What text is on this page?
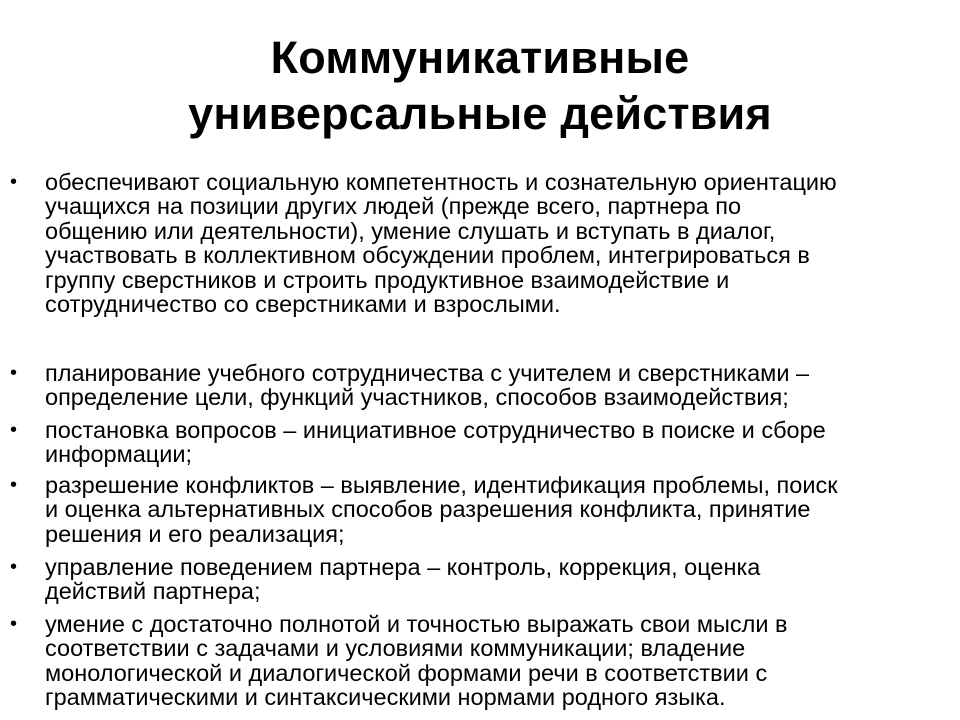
Коммуникативные
универсальные действия
• обеспечивают социальную компетентность и сознательную ориентацию
учащихся на позиции других людей (прежде всего, партнера по
общению или деятельности), умение слушать и вступать в диалог,
участвовать в коллективном обсуждении проблем, интегрироваться в
группу сверстников и строить продуктивное взаимодействие и
сотрудничество со сверстниками и взрослыми.
• планирование учебного сотрудничества с учителем и сверстниками –
определение цели, функций участников, способов взаимодействия;
• постановка вопросов – инициативное сотрудничество в поиске и сборе
информации;
• разрешение конфликтов – выявление, идентификация проблемы, поиск
и оценка альтернативных способов разрешения конфликта, принятие
решения и его реализация;
• управление поведением партнера – контроль, коррекция, оценка
действий партнера;
• умение с достаточно полнотой и точностью выражать свои мысли в
соответствии с задачами и условиями коммуникации; владение
монологической и диалогической формами речи в соответствии с
грамматическими и синтаксическими нормами родного языка.
